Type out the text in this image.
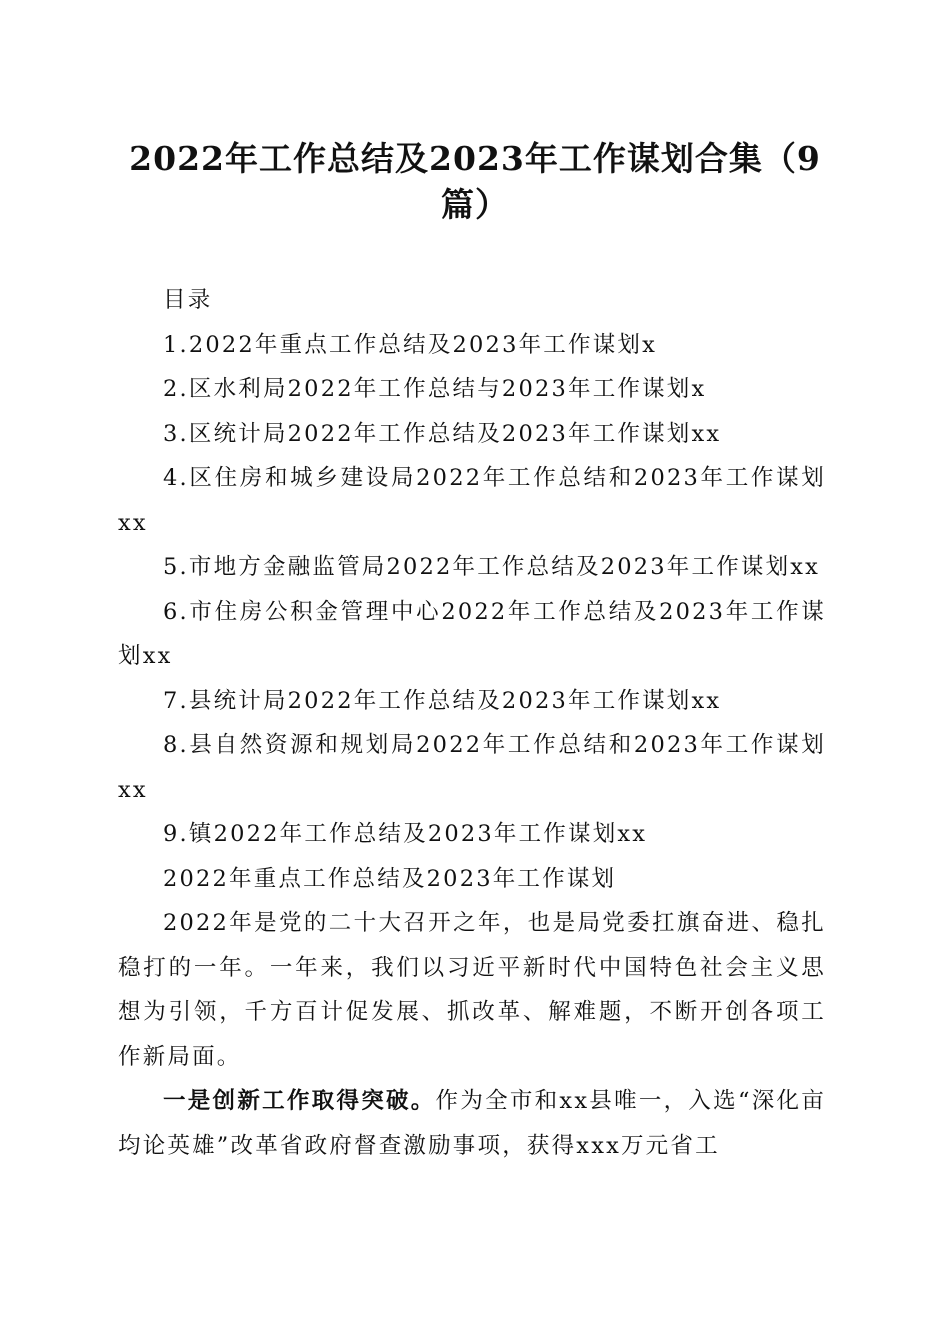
2022年工作总结及2023年工作谋划合集（9篇）

目录

1.2022年重点工作总结及2023年工作谋划x

2.区水利局2022年工作总结与2023年工作谋划x

3.区统计局2022年工作总结及2023年工作谋划xx

4.区住房和城乡建设局2022年工作总结和2023年工作谋划xx

5.市地方金融监管局2022年工作总结及2023年工作谋划xx

6.市住房公积金管理中心2022年工作总结及2023年工作谋划xx

7.县统计局2022年工作总结及2023年工作谋划xx

8.县自然资源和规划局2022年工作总结和2023年工作谋划xx

9.镇2022年工作总结及2023年工作谋划xx

2022年重点工作总结及2023年工作谋划

2022年是党的二十大召开之年，也是局党委扛旗奋进、稳扎稳打的一年。一年来，我们以习近平新时代中国特色社会主义思想为引领，千方百计促发展、抓改革、解难题，不断开创各项工作新局面。

一是创新工作取得突破。作为全市和xx县唯一，入选“深化亩均论英雄”改革省政府督查激励事项，获得xxx万元省工
